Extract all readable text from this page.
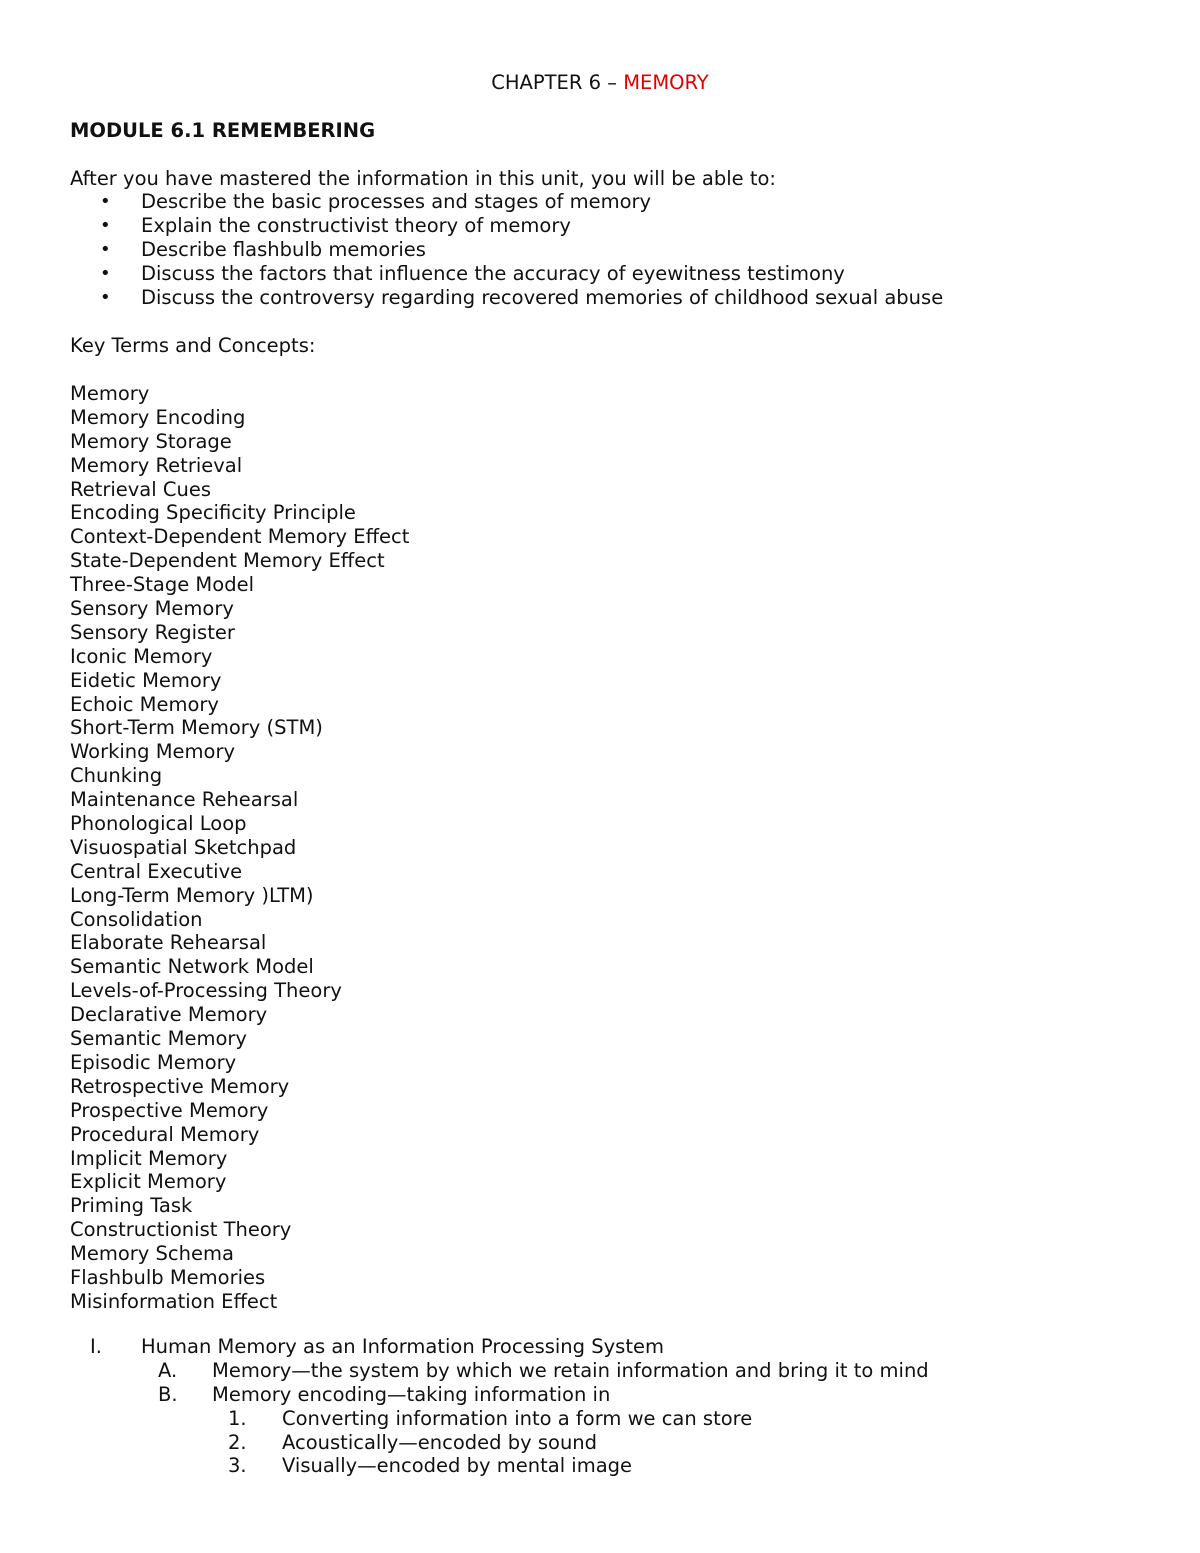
CHAPTER 6 – MEMORY
MODULE 6.1 REMEMBERING
After you have mastered the information in this unit, you will be able to:
• Describe the basic processes and stages of memory
• Explain the constructivist theory of memory
• Describe flashbulb memories
• Discuss the factors that influence the accuracy of eyewitness testimony
• Discuss the controversy regarding recovered memories of childhood sexual abuse
Key Terms and Concepts:
Memory
Memory Encoding
Memory Storage
Memory Retrieval
Retrieval Cues
Encoding Specificity Principle
Context-Dependent Memory Effect
State-Dependent Memory Effect
Three-Stage Model
Sensory Memory
Sensory Register
Iconic Memory
Eidetic Memory
Echoic Memory
Short-Term Memory (STM)
Working Memory
Chunking
Maintenance Rehearsal
Phonological Loop
Visuospatial Sketchpad
Central Executive
Long-Term Memory )LTM)
Consolidation
Elaborate Rehearsal
Semantic Network Model
Levels-of-Processing Theory
Declarative Memory
Semantic Memory
Episodic Memory
Retrospective Memory
Prospective Memory
Procedural Memory
Implicit Memory
Explicit Memory
Priming Task
Constructionist Theory
Memory Schema
Flashbulb Memories
Misinformation Effect
I. Human Memory as an Information Processing System
A. Memory—the system by which we retain information and bring it to mind
B. Memory encoding—taking information in
1. Converting information into a form we can store
2. Acoustically—encoded by sound
3. Visually—encoded by mental image
